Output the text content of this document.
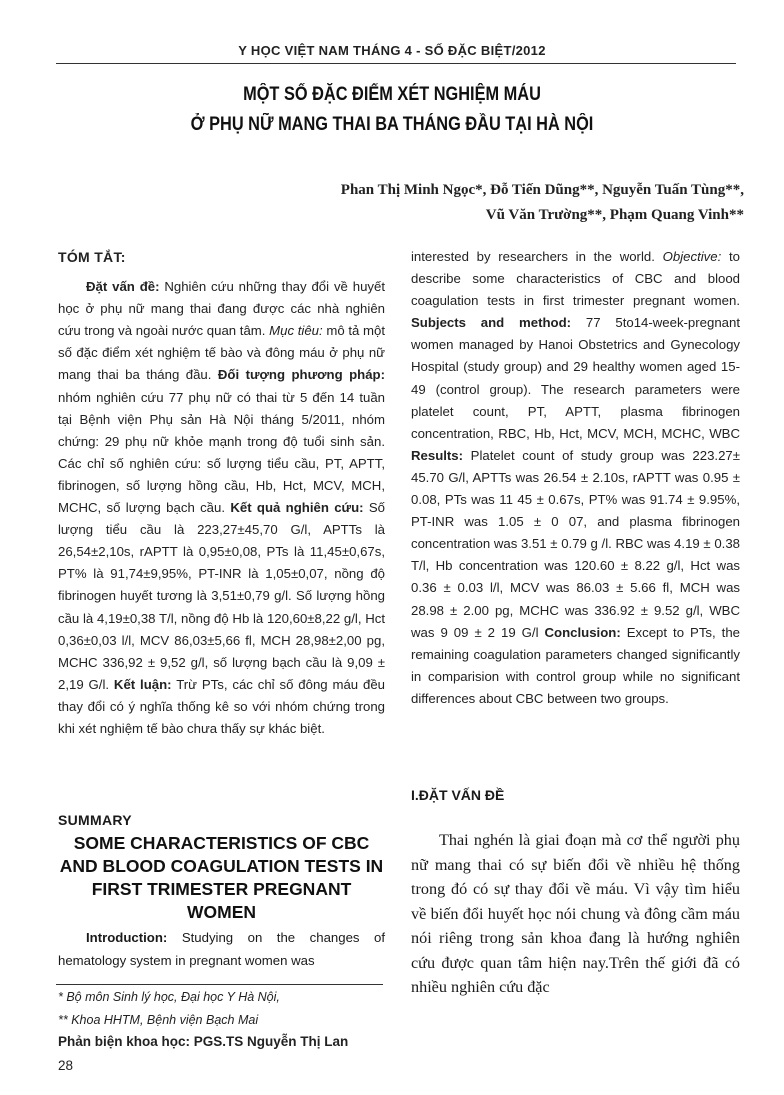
Y HỌC VIỆT NAM THÁNG 4 - SỐ ĐẶC BIỆT/2012
MỘT SỐ ĐẶC ĐIỂM XÉT NGHIỆM MÁU
Ở PHỤ NỮ MANG THAI BA THÁNG ĐẦU TẠI HÀ NỘI
Phan Thị Minh Ngọc*, Đỗ Tiến Dũng**, Nguyễn Tuấn Tùng**,
Vũ Văn Trường**, Phạm Quang Vinh**
TÓM TẮT:

Đặt vấn đề: Nghiên cứu những thay đổi về huyết học ở phụ nữ mang thai đang được các nhà nghiên cứu trong và ngoài nước quan tâm. Mục tiêu: mô tả một số đặc điểm xét nghiệm tế bào và đông máu ở phụ nữ mang thai ba tháng đầu. Đối tượng phương pháp: nhóm nghiên cứu 77 phụ nữ có thai từ 5 đến 14 tuần tại Bệnh viện Phụ sản Hà Nội tháng 5/2011, nhóm chứng: 29 phụ nữ khỏe mạnh trong độ tuổi sinh sản. Các chỉ số nghiên cứu: số lượng tiểu cầu, PT, APTT, fibrinogen, số lượng hồng cầu, Hb, Hct, MCV, MCH, MCHC, số lượng bạch cầu. Kết quả nghiên cứu: Số lượng tiểu cầu là 223,27±45,70 G/l, APTTs là 26,54±2,10s, rAPTT là 0,95±0,08, PTs là 11,45±0,67s, PT% là 91,74±9,95%, PT-INR là 1,05±0,07, nồng độ fibrinogen huyết tương là 3,51±0,79 g/l. Số lượng hồng cầu là 4,19±0,38 T/l, nồng độ Hb là 120,60±8,22 g/l, Hct 0,36±0,03 l/l, MCV 86,03±5,66 fl, MCH 28,98±2,00 pg, MCHC 336,92 ± 9,52 g/l, số lượng bạch cầu là 9,09 ± 2,19 G/l. Kết luận: Trừ PTs, các chỉ số đông máu đều thay đổi có ý nghĩa thống kê so với nhóm chứng trong khi xét nghiệm tế bào chưa thấy sự khác biệt.

SUMMARY
SOME CHARACTERISTICS OF CBC AND BLOOD COAGULATION TESTS IN FIRST TRIMESTER PREGNANT WOMEN

Introduction: Studying on the changes of hematology system in pregnant women was

interested by researchers in the world. Objective: to describe some characteristics of CBC and blood coagulation tests in first trimester pregnant women. Subjects and method: 77 5to14-week-pregnant women managed by Hanoi Obstetrics and Gynecology Hospital (study group) and 29 healthy women aged 15-49 (control group). The research parameters were platelet count, PT, APTT, plasma fibrinogen concentration, RBC, Hb, Hct, MCV, MCH, MCHC, WBC Results: Platelet count of study group was 223.27± 45.70 G/l, APTTs was 26.54 ± 2.10s, rAPTT was 0.95 ± 0.08, PTs was 11 45 ± 0.67s, PT% was 91.74 ± 9.95%, PT-INR was 1.05 ± 0 07, and plasma fibrinogen concentration was 3.51 ± 0.79 g /l. RBC was 4.19 ± 0.38 T/l, Hb concentration was 120.60 ± 8.22 g/l, Hct was 0.36 ± 0.03 l/l, MCV was 86.03 ± 5.66 fl, MCH was 28.98 ± 2.00 pg, MCHC was 336.92 ± 9.52 g/l, WBC was 9 09 ± 2 19 G/l Conclusion: Except to PTs, the remaining coagulation parameters changed significantly in comparision with control group while no significant differences about CBC between two groups.

I.ĐẶT VẤN ĐỀ

Thai nghén là giai đoạn mà cơ thể người phụ nữ mang thai có sự biến đổi về nhiều hệ thống trong đó có sự thay đổi về máu. Vì vậy tìm hiểu về biến đổi huyết học nói chung và đông cầm máu nói riêng trong sản khoa đang là hướng nghiên cứu được quan tâm hiện nay.Trên thế giới đã có nhiều nghiên cứu đặc

* Bộ môn Sinh lý học, Đại học Y Hà Nội,
** Khoa HHTM, Bệnh viện Bạch Mai
Phản biện khoa học: PGS.TS Nguyễn Thị Lan
28
